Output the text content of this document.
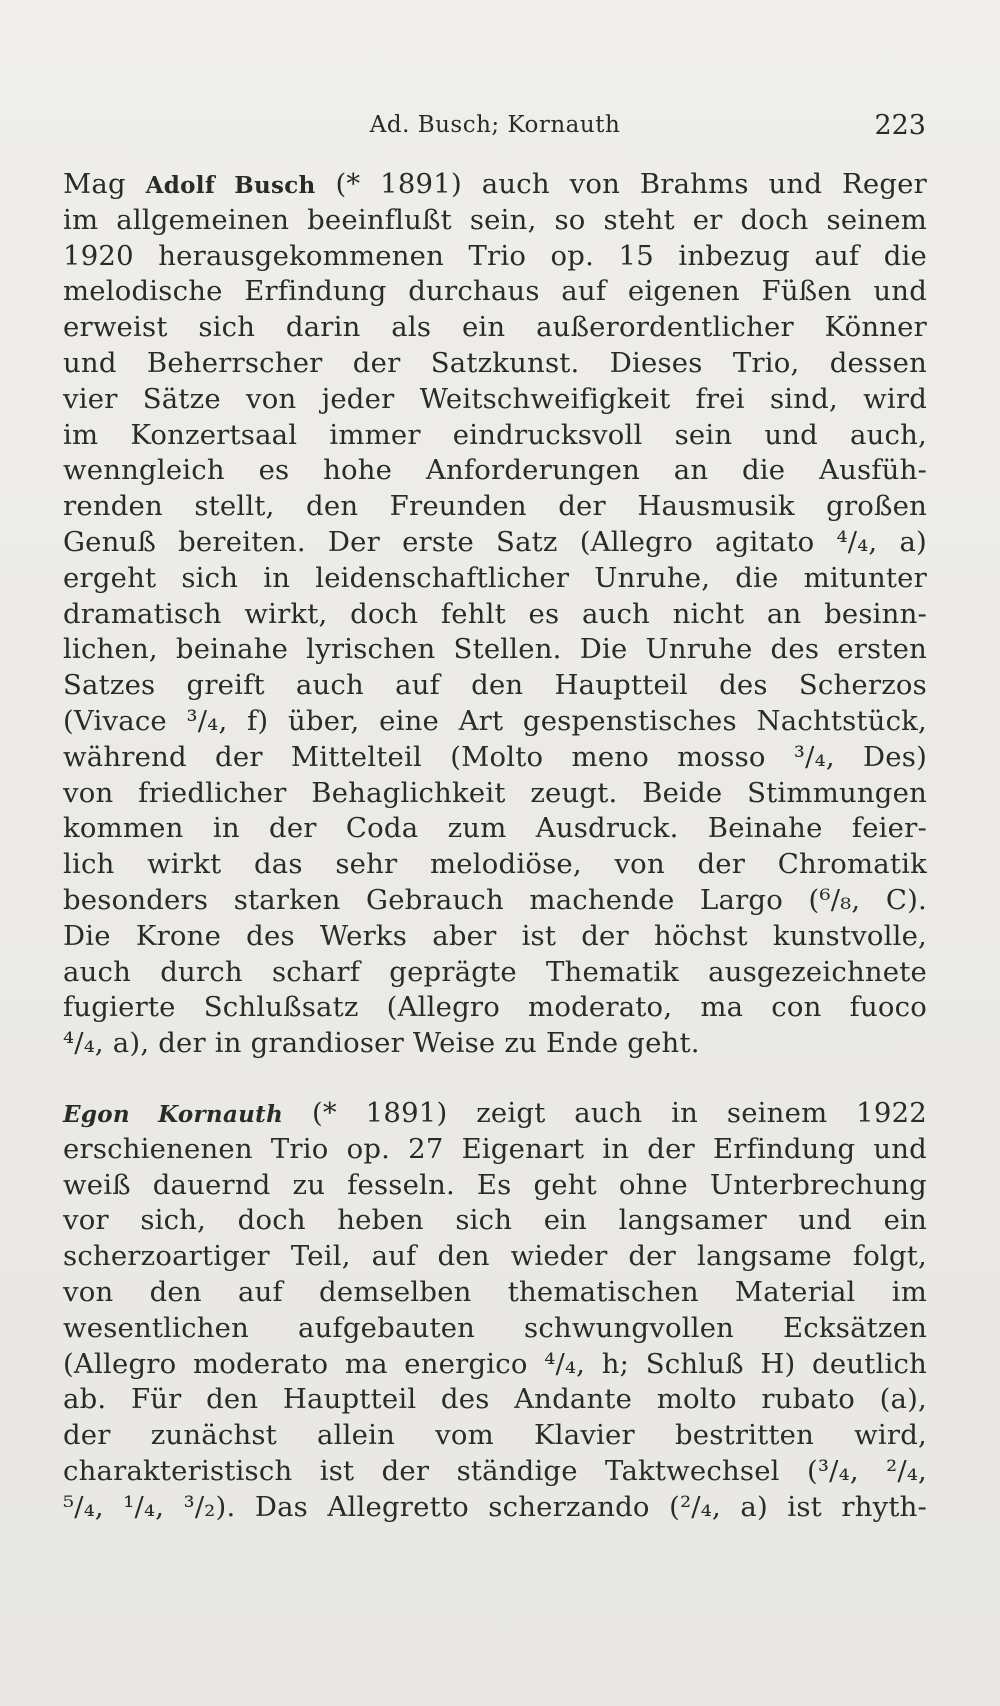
Ad. Busch; Kornauth	223
Mag Adolf Busch (* 1891) auch von Brahms und Reger
im allgemeinen beeinflußt sein, so steht er doch seinem
1920 herausgekommenen Trio op. 15 inbezug auf die
melodische Erfindung durchaus auf eigenen Füßen und
erweist sich darin als ein außerordentlicher Könner
und Beherrscher der Satzkunst. Dieses Trio, dessen
vier Sätze von jeder Weitschweifigkeit frei sind, wird
im Konzertsaal immer eindrucksvoll sein und auch,
wenngleich es hohe Anforderungen an die Ausfüh-
renden stellt, den Freunden der Hausmusik großen
Genuß bereiten. Der erste Satz (Allegro agitato ⁴/₄, a)
ergeht sich in leidenschaftlicher Unruhe, die mitunter
dramatisch wirkt, doch fehlt es auch nicht an besinn-
lichen, beinahe lyrischen Stellen. Die Unruhe des ersten
Satzes greift auch auf den Hauptteil des Scherzos
(Vivace ³/₄, f) über, eine Art gespenstisches Nachtstück,
während der Mittelteil (Molto meno mosso ³/₄, Des)
von friedlicher Behaglichkeit zeugt. Beide Stimmungen
kommen in der Coda zum Ausdruck. Beinahe feier-
lich wirkt das sehr melodiöse, von der Chromatik
besonders starken Gebrauch machende Largo (⁶/₈, C).
Die Krone des Werks aber ist der höchst kunstvolle,
auch durch scharf geprägte Thematik ausgezeichnete
fugierte Schlußsatz (Allegro moderato, ma con fuoco
⁴/₄, a), der in grandioser Weise zu Ende geht.
Egon Kornauth (* 1891) zeigt auch in seinem 1922
erschienenen Trio op. 27 Eigenart in der Erfindung und
weiß dauernd zu fesseln. Es geht ohne Unterbrechung
vor sich, doch heben sich ein langsamer und ein
scherzoartiger Teil, auf den wieder der langsame folgt,
von den auf demselben thematischen Material im
wesentlichen aufgebauten schwungvollen Ecksätzen
(Allegro moderato ma energico ⁴/₄, h; Schluß H) deutlich
ab. Für den Hauptteil des Andante molto rubato (a),
der zunächst allein vom Klavier bestritten wird,
charakteristisch ist der ständige Taktwechsel (³/₄, ²/₄,
⁵/₄, ¹/₄, ³/₂). Das Allegretto scherzando (²/₄, a) ist rhyth-
